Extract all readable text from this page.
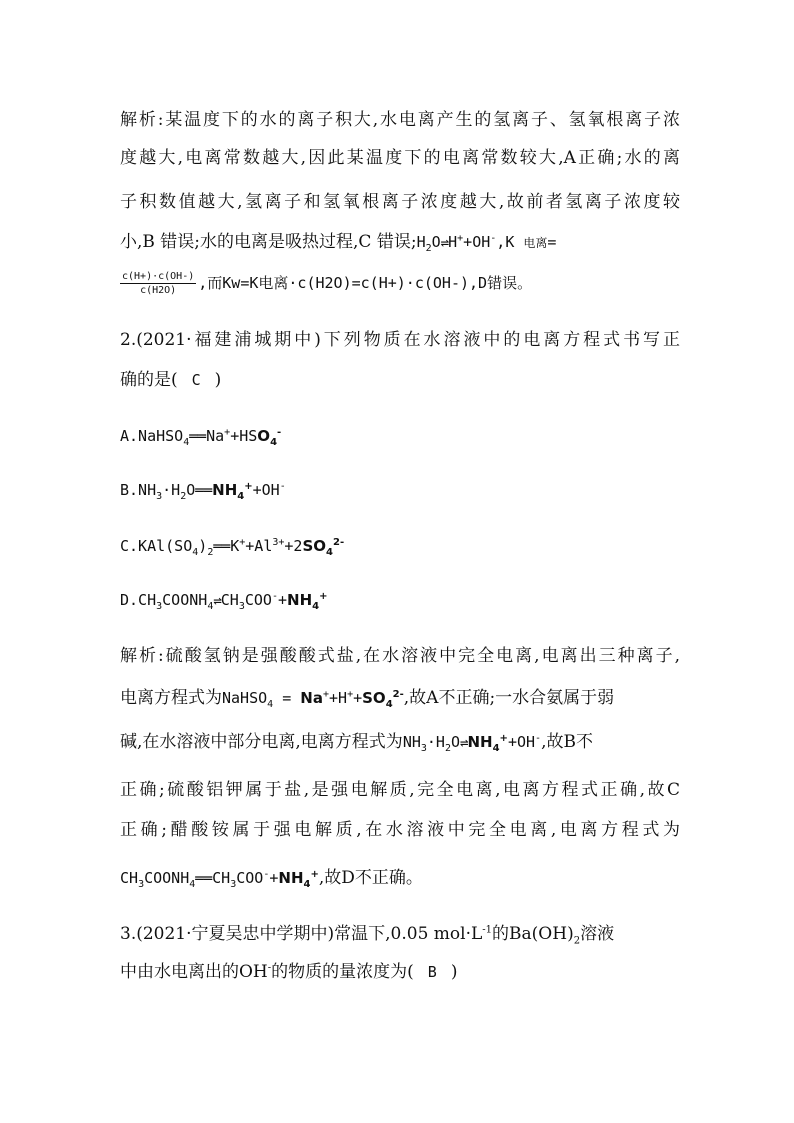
解析:某温度下的水的离子积大,水电离产生的氢离子、氢氧根离子浓
度越大,电离常数越大,因此某温度下的电离常数较大,A正确;水的离
子积数值越大,氢离子和氢氧根离子浓度越大,故前者氢离子浓度较
小,B 错误;水的电离是吸热过程,C 错误$;H_2O\rightleftharpoons H^++OH^-,K$ 电离=
$\frac{c(H+)\cdot c(OH-)}{c(H2O)}$ ,而Kw=K电离·c(H2O)=c(H+)·c(OH-),D错误。
2.(2021·福建浦城期中)下列物质在水溶液中的电离方程式书写正
确的是( C )
$A.NaHSO_4══Na^++HSO_4^-$
$B.NH_3\cdot H_2O══NH_4^++OH^-$
$C.KAl(SO_4)_2══K^++Al^{3+}+2SO_4^{2-}$
$D.CH_3COONH_4\rightleftharpoons CH_3COO^-+NH_4^+$
解析:硫酸氢钠是强酸酸式盐,在水溶液中完全电离,电离出三种离子,
电离方程式为NaHSO$_4$ = $Na^++H^++SO_4^{2-}$,故A不正确;一水合氨属于弱
碱,在水溶液中部分电离,电离方程式为$NH_3\cdot H_2O\rightleftharpoons NH_4^++OH^-$,故B不
正确;硫酸铝钾属于盐,是强电解质,完全电离,电离方程式正确,故C
正确;醋酸铵属于强电解质,在水溶液中完全电离,电离方程式为
$CH_3COONH_4══CH_3COO^-+NH_4^+$,故D不正确。
3.(2021·宁夏吴忠中学期中)常温下,0.05 $mol\cdot L^{-1}$的$Ba(OH)_2$溶液
中由水电离出的OH-的物质的量浓度为( B )
